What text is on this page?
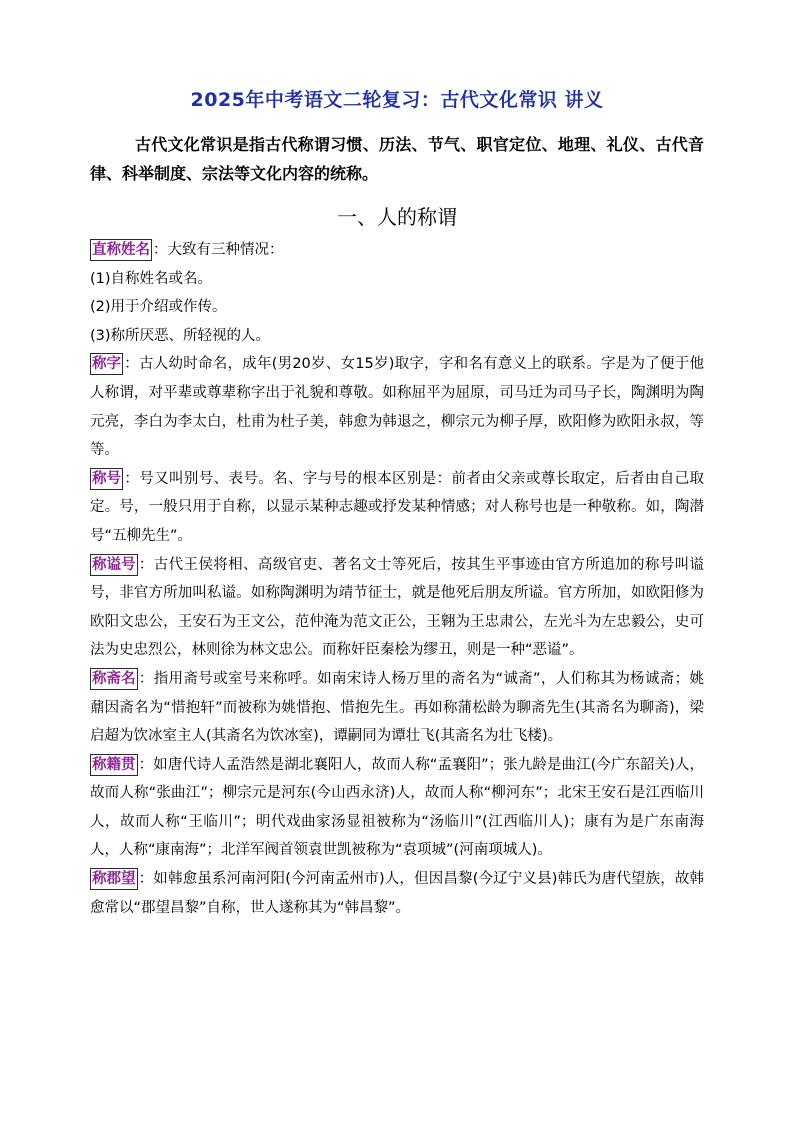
2025年中考语文二轮复习：古代文化常识 讲义

古代文化常识是指古代称谓习惯、历法、节气、职官定位、地理、礼仪、古代音律、科举制度、宗法等文化内容的统称。

一、人的称谓

直称姓名 ：大致有三种情况：

(1)自称姓名或名。

(2)用于介绍或作传。

(3)称所厌恶、所轻视的人。

称字 ：古人幼时命名，成年(男20岁、女15岁)取字，字和名有意义上的联系。字是为了便于他人称谓，对平辈或尊辈称字出于礼貌和尊敬。如称屈平为屈原，司马迁为司马子长，陶渊明为陶元亮，李白为李太白，杜甫为杜子美，韩愈为韩退之，柳宗元为柳子厚，欧阳修为欧阳永叔，等等。

称号 ：号又叫别号、表号。名、字与号的根本区别是：前者由父亲或尊长取定，后者由自己取定。号，一般只用于自称，以显示某种志趣或抒发某种情感；对人称号也是一种敬称。如，陶潜号“五柳先生”。

称谥号 ：古代王侯将相、高级官吏、著名文士等死后，按其生平事迹由官方所追加的称号叫谥号，非官方所加叫私谥。如称陶渊明为靖节征士，就是他死后朋友所谥。官方所加，如欧阳修为欧阳文忠公，王安石为王文公，范仲淹为范文正公，王翱为王忠肃公，左光斗为左忠毅公，史可法为史忠烈公，林则徐为林文忠公。而称奸臣秦桧为缪丑，则是一种“恶谥”。

称斋名 ：指用斋号或室号来称呼。如南宋诗人杨万里的斋名为“诚斋”，人们称其为杨诚斋；姚鼐因斋名为“惜抱轩”而被称为姚惜抱、惜抱先生。再如称蒲松龄为聊斋先生(其斋名为聊斋)，梁启超为饮冰室主人(其斋名为饮冰室)，谭嗣同为谭壮飞(其斋名为壮飞楼)。

称籍贯 ：如唐代诗人孟浩然是湖北襄阳人，故而人称“孟襄阳”；张九龄是曲江(今广东韶关)人，故而人称“张曲江”；柳宗元是河东(今山西永济)人，故而人称“柳河东”；北宋王安石是江西临川人，故而人称“王临川”；明代戏曲家汤显祖被称为“汤临川”(江西临川人)；康有为是广东南海人，人称“康南海”；北洋军阀首领袁世凯被称为“袁项城”(河南项城人)。

称郡望 ：如韩愈虽系河南河阳(今河南孟州市)人，但因昌黎(今辽宁义县)韩氏为唐代望族，故韩愈常以“郡望昌黎”自称，世人遂称其为“韩昌黎”。
